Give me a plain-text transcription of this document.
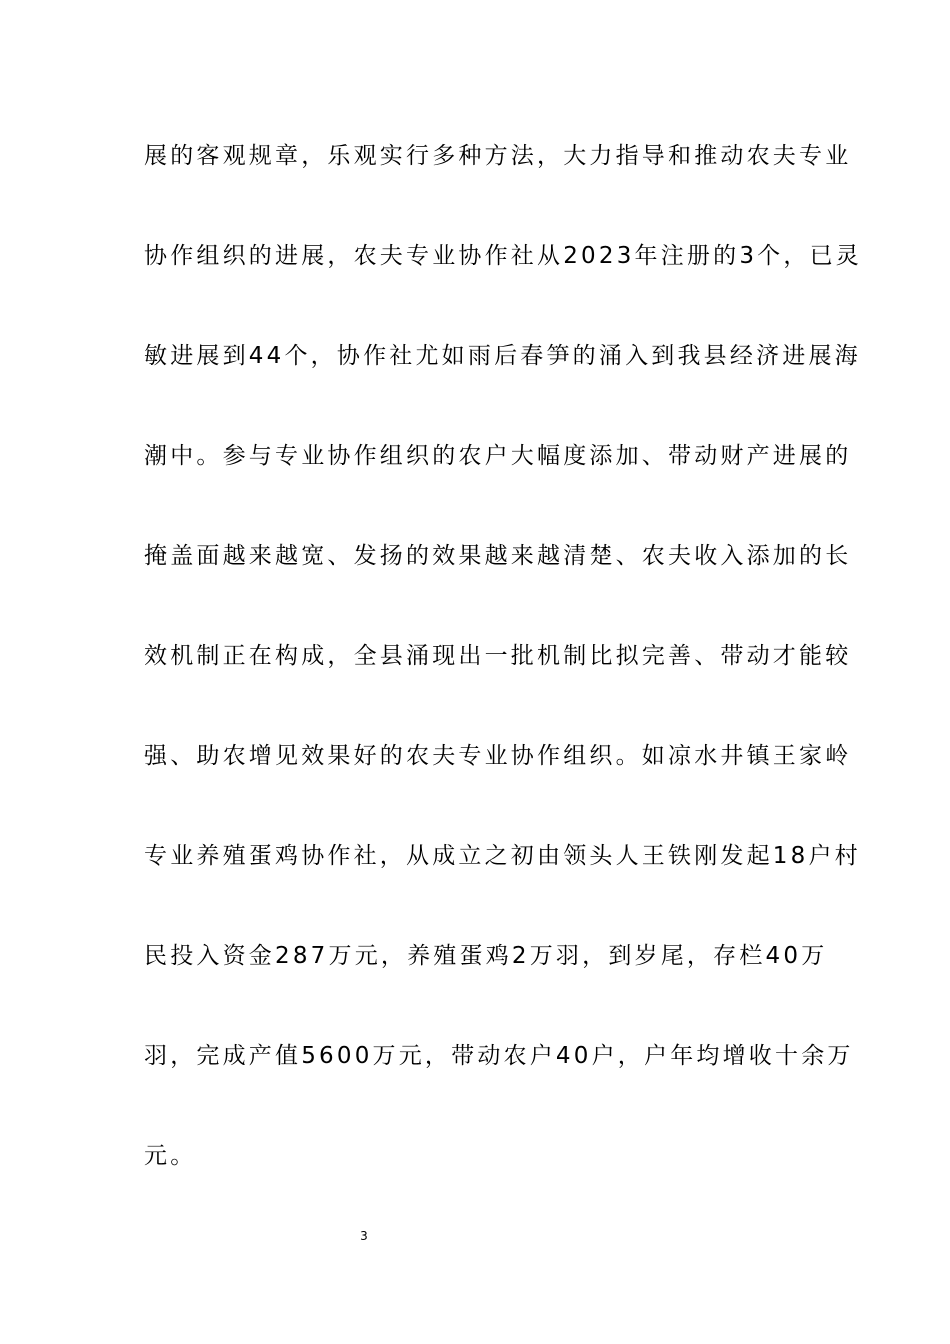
展的客观规章，乐观实行多种方法，大力指导和推动农夫专业
协作组织的进展，农夫专业协作社从2023年注册的3个，已灵
敏进展到44个，协作社尤如雨后春笋的涌入到我县经济进展海
潮中。参与专业协作组织的农户大幅度添加、带动财产进展的
掩盖面越来越宽、发扬的效果越来越清楚、农夫收入添加的长
效机制正在构成，全县涌现出一批机制比拟完善、带动才能较
强、助农增见效果好的农夫专业协作组织。如凉水井镇王家岭
专业养殖蛋鸡协作社，从成立之初由领头人王铁刚发起18户村
民投入资金287万元，养殖蛋鸡2万羽，到岁尾，存栏40万
羽，完成产值5600万元，带动农户40户，户年均增收十余万
元。
3
